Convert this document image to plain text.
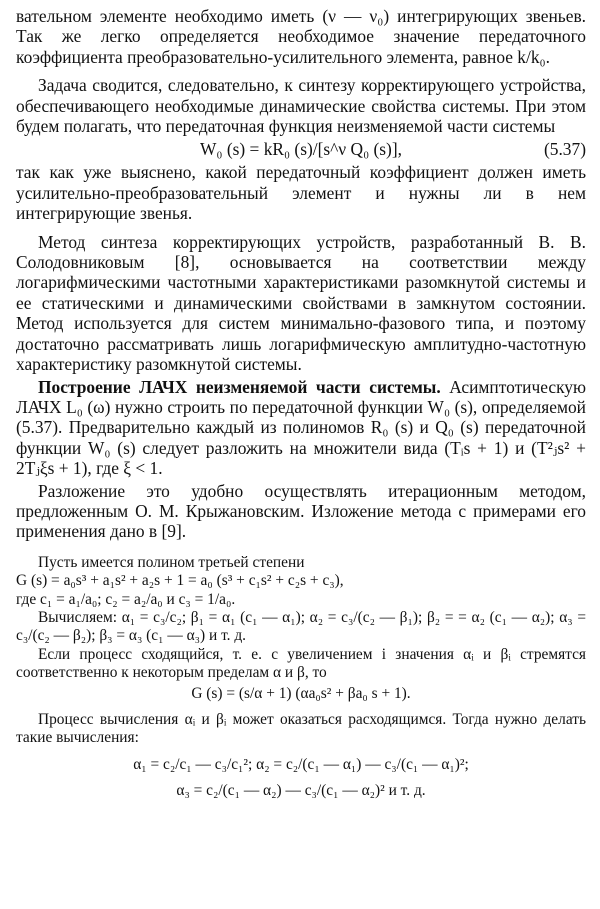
вательном элементе необходимо иметь (ν — ν₀) интегрирующих звеньев. Так же легко определяется необходимое значение передаточного коэффициента преобразовательно-усилительного элемента, равное k/k₀.

Задача сводится, следовательно, к синтезу корректирующего устройства, обеспечивающего необходимые динамические свойства системы. При этом будем полагать, что передаточная функция неизменяемой части системы

W₀ (s) = kR₀ (s)/[s^ν Q₀ (s)],	(5.37)

так как уже выяснено, какой передаточный коэффициент должен иметь усилительно-преобразовательный элемент и нужны ли в нем интегрирующие звенья.

Метод синтеза корректирующих устройств, разработанный В. В. Солодовниковым [8], основывается на соответствии между логарифмическими частотными характеристиками разомкнутой системы и ее статическими и динамическими свойствами в замкнутом состоянии. Метод используется для систем минимально-фазового типа, и поэтому достаточно рассматривать лишь логарифмическую амплитудно-частотную характеристику разомкнутой системы.

Построение ЛАЧХ неизменяемой части системы. Асимптотическую ЛАЧХ L₀ (ω) нужно строить по передаточной функции W₀ (s), определяемой (5.37). Предварительно каждый из полиномов R₀ (s) и Q₀ (s) передаточной функции W₀ (s) следует разложить на множители вида (Tᵢs + 1) и (T²ⱼs² + 2Tⱼξs + 1), где ξ < 1.

Разложение это удобно осуществлять итерационным методом, предложенным О. М. Крыжановским. Изложение метода с примерами его применения дано в [9].

Пусть имеется полином третьей степени

G (s) = a₀s³ + a₁s² + a₂s + 1 = a₀ (s³ + c₁s² + c₂s + c₃),

где c₁ = a₁/a₀; c₂ = a₂/a₀ и c₃ = 1/a₀.

Вычисляем: α₁ = c₃/c₂; β₁ = α₁ (c₁ — α₁); α₂ = c₃/(c₂ — β₁); β₂ = = α₂ (c₁ — α₂); α₃ = c₃/(c₂ — β₂); β₃ = α₃ (c₁ — α₃) и т. д.

Если процесс сходящийся, т. е. с увеличением i значения αᵢ и βᵢ стремятся соответственно к некоторым пределам α и β, то

G (s) = (s/α + 1) (αa₀s² + βa₀ s + 1).

Процесс вычисления αᵢ и βᵢ может оказаться расходящимся. Тогда нужно делать такие вычисления:

α₁ = c₂/c₁ — c₃/c₁²; α₂ = c₂/(c₁ — α₁) — c₃/(c₁ — α₁)²;

α₃ = c₂/(c₁ — α₂) — c₃/(c₁ — α₂)² и т. д.
